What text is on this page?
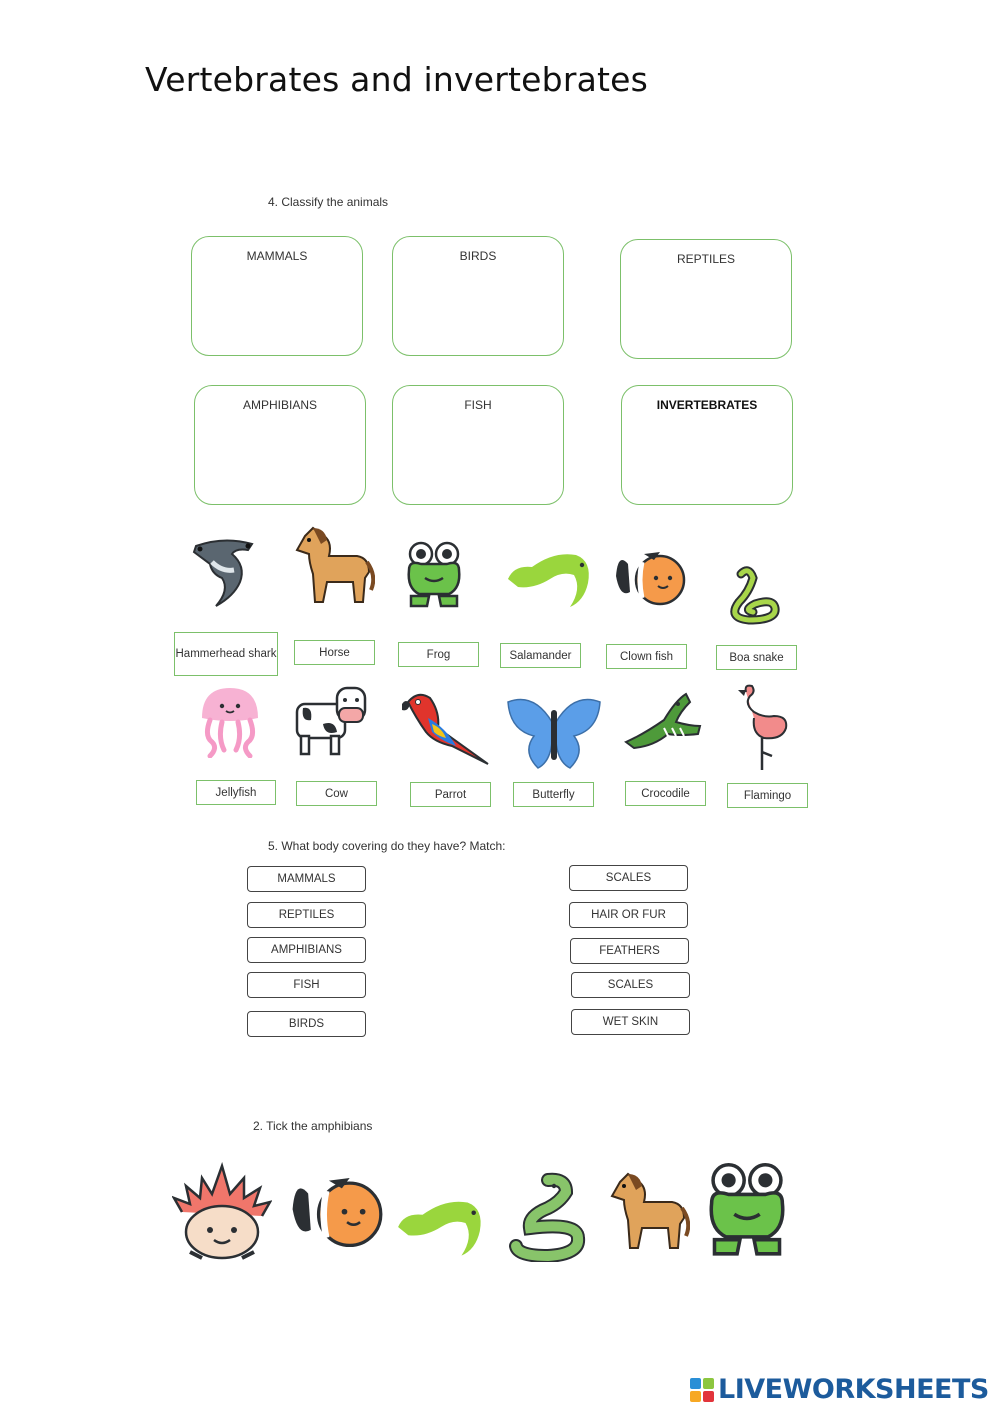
Vertebrates and invertebrates
4. Classify the animals
MAMMALS	BIRDS	REPTILES
AMPHIBIANS	FISH	INVERTEBRATES
Hammerhead shark	Horse	Frog	Salamander	Clown fish	Boa snake
Jellyfish	Cow	Parrot	Butterfly	Crocodile	Flamingo
5. What body covering do they have? Match:
MAMMALS
REPTILES
AMPHIBIANS
FISH
BIRDS
SCALES
HAIR OR FUR
FEATHERS
SCALES
WET SKIN
2. Tick the amphibians
LIVEWORKSHEETS
